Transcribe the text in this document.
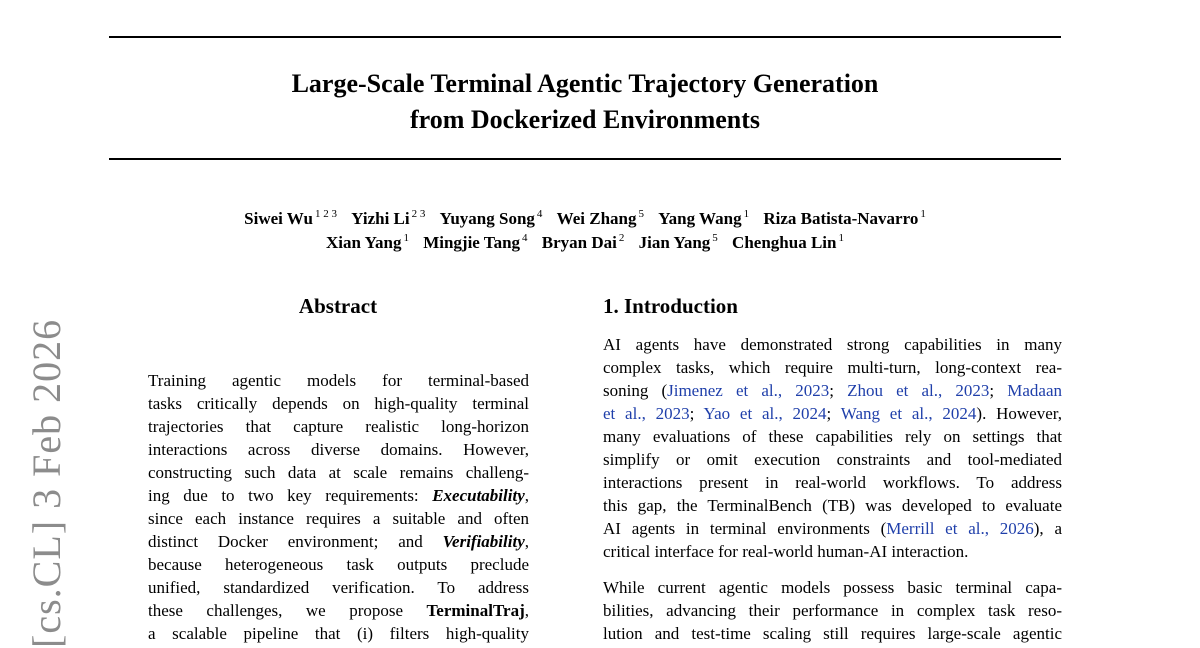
[cs.CL] 3 Feb 2026
Large-Scale Terminal Agentic Trajectory Generation
from Dockerized Environments
Siwei Wu $^{1 2 3}$ Yizhi Li $^{2 3}$ Yuyang Song $^4$ Wei Zhang $^5$ Yang Wang $^1$ Riza Batista-Navarro $^1$
Xian Yang $^1$ Mingjie Tang $^4$ Bryan Dai $^2$ Jian Yang $^5$ Chenghua Lin $^1$
Abstract
Training agentic models for terminal-based
tasks critically depends on high-quality terminal
trajectories that capture realistic long-horizon
interactions across diverse domains. However,
constructing such data at scale remains challeng-
ing due to two key requirements: Executability,
since each instance requires a suitable and often
distinct Docker environment; and Verifiability,
because heterogeneous task outputs preclude
unified, standardized verification. To address
these challenges, we propose TerminalTraj,
a scalable pipeline that (i) filters high-quality
1. Introduction
AI agents have demonstrated strong capabilities in many
complex tasks, which require multi-turn, long-context rea-
soning (Jimenez et al., 2023; Zhou et al., 2023; Madaan
et al., 2023; Yao et al., 2024; Wang et al., 2024). However,
many evaluations of these capabilities rely on settings that
simplify or omit execution constraints and tool-mediated
interactions present in real-world workflows. To address
this gap, the TerminalBench (TB) was developed to evaluate
AI agents in terminal environments (Merrill et al., 2026), a
critical interface for real-world human-AI interaction.
While current agentic models possess basic terminal capa-
bilities, advancing their performance in complex task reso-
lution and test-time scaling still requires large-scale agentic
